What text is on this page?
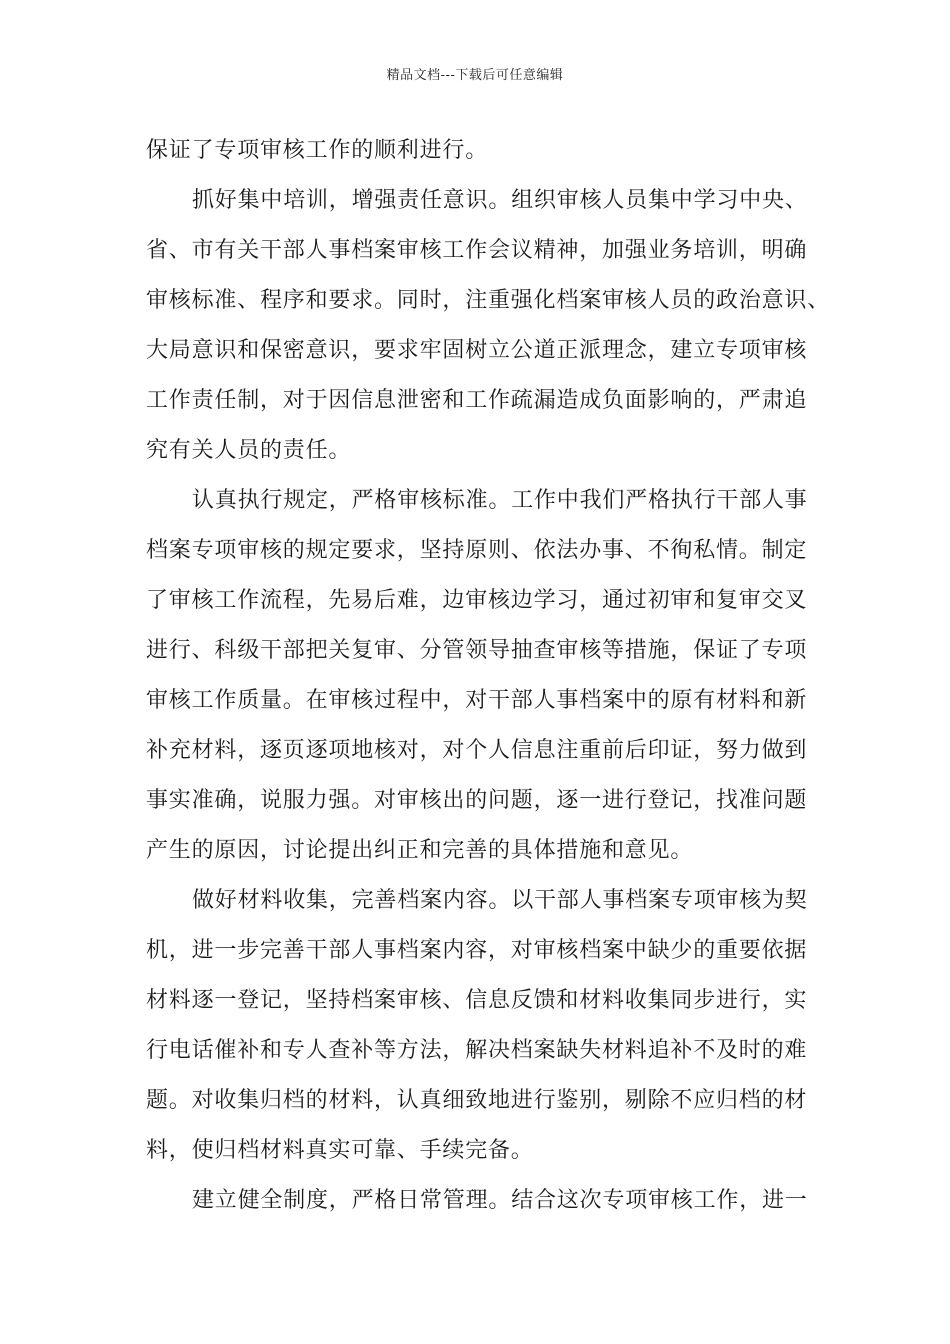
精品文档---下载后可任意编辑
保证了专项审核工作的顺利进行。
抓好集中培训，增强责任意识。组织审核人员集中学习中央、
省、市有关干部人事档案审核工作会议精神，加强业务培训，明确
审核标准、程序和要求。同时，注重强化档案审核人员的政治意识、
大局意识和保密意识，要求牢固树立公道正派理念，建立专项审核
工作责任制，对于因信息泄密和工作疏漏造成负面影响的，严肃追
究有关人员的责任。
认真执行规定，严格审核标准。工作中我们严格执行干部人事
档案专项审核的规定要求，坚持原则、依法办事、不徇私情。制定
了审核工作流程，先易后难，边审核边学习，通过初审和复审交叉
进行、科级干部把关复审、分管领导抽查审核等措施，保证了专项
审核工作质量。在审核过程中，对干部人事档案中的原有材料和新
补充材料，逐页逐项地核对，对个人信息注重前后印证，努力做到
事实准确，说服力强。对审核出的问题，逐一进行登记，找准问题
产生的原因，讨论提出纠正和完善的具体措施和意见。
做好材料收集，完善档案内容。以干部人事档案专项审核为契
机，进一步完善干部人事档案内容，对审核档案中缺少的重要依据
材料逐一登记，坚持档案审核、信息反馈和材料收集同步进行，实
行电话催补和专人查补等方法，解决档案缺失材料追补不及时的难
题。对收集归档的材料，认真细致地进行鉴别，剔除不应归档的材
料，使归档材料真实可靠、手续完备。
建立健全制度，严格日常管理。结合这次专项审核工作，进一
